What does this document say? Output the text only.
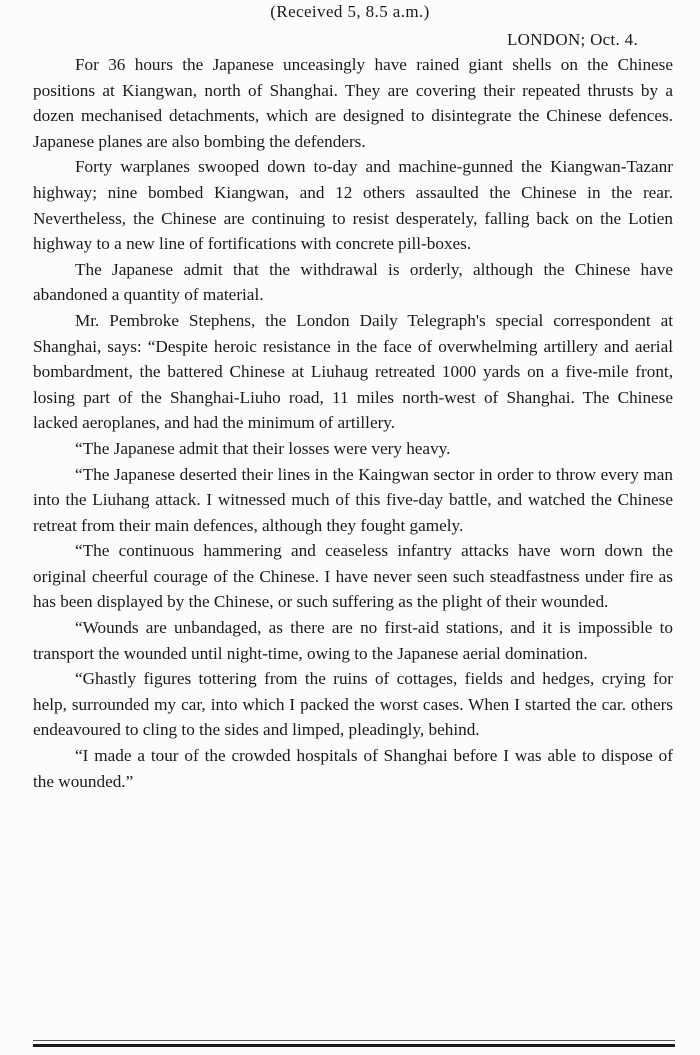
(Received 5, 8.5 a.m.)
LONDON; Oct. 4.

For 36 hours the Japanese unceasingly have rained giant shells on the Chinese positions at Kiangwan, north of Shanghai. They are covering their repeated thrusts by a dozen mechanised detachments, which are designed to disintegrate the Chinese defences. Japanese planes are also bombing the defenders.

Forty warplanes swooped down to-day and machine-gunned the Kiangwan-Tazanr highway; nine bombed Kiangwan, and 12 others assaulted the Chinese in the rear. Nevertheless, the Chinese are continuing to resist desperately, falling back on the Lotien highway to a new line of fortifications with concrete pill-boxes.

The Japanese admit that the withdrawal is orderly, although the Chinese have abandoned a quantity of material.

Mr. Pembroke Stephens, the London Daily Telegraph's special correspondent at Shanghai, says: “Despite heroic resistance in the face of overwhelming artillery and aerial bombardment, the battered Chinese at Liuhaug retreated 1000 yards on a five-mile front, losing part of the Shanghai-Liuho road, 11 miles north-west of Shanghai. The Chinese lacked aeroplanes, and had the minimum of artillery.

“The Japanese admit that their losses were very heavy.

“The Japanese deserted their lines in the Kaingwan sector in order to throw every man into the Liuhang attack. I witnessed much of this five-day battle, and watched the Chinese retreat from their main defences, although they fought gamely.

“The continuous hammering and ceaseless infantry attacks have worn down the original cheerful courage of the Chinese. I have never seen such steadfastness under fire as has been displayed by the Chinese, or such suffering as the plight of their wounded.

“Wounds are unbandaged, as there are no first-aid stations, and it is impossible to transport the wounded until night-time, owing to the Japanese aerial domination.

“Ghastly figures tottering from the ruins of cottages, fields and hedges, crying for help, surrounded my car, into which I packed the worst cases. When I started the car. others endeavoured to cling to the sides and limped, pleadingly, behind.

“I made a tour of the crowded hospitals of Shanghai before I was able to dispose of the wounded.”
